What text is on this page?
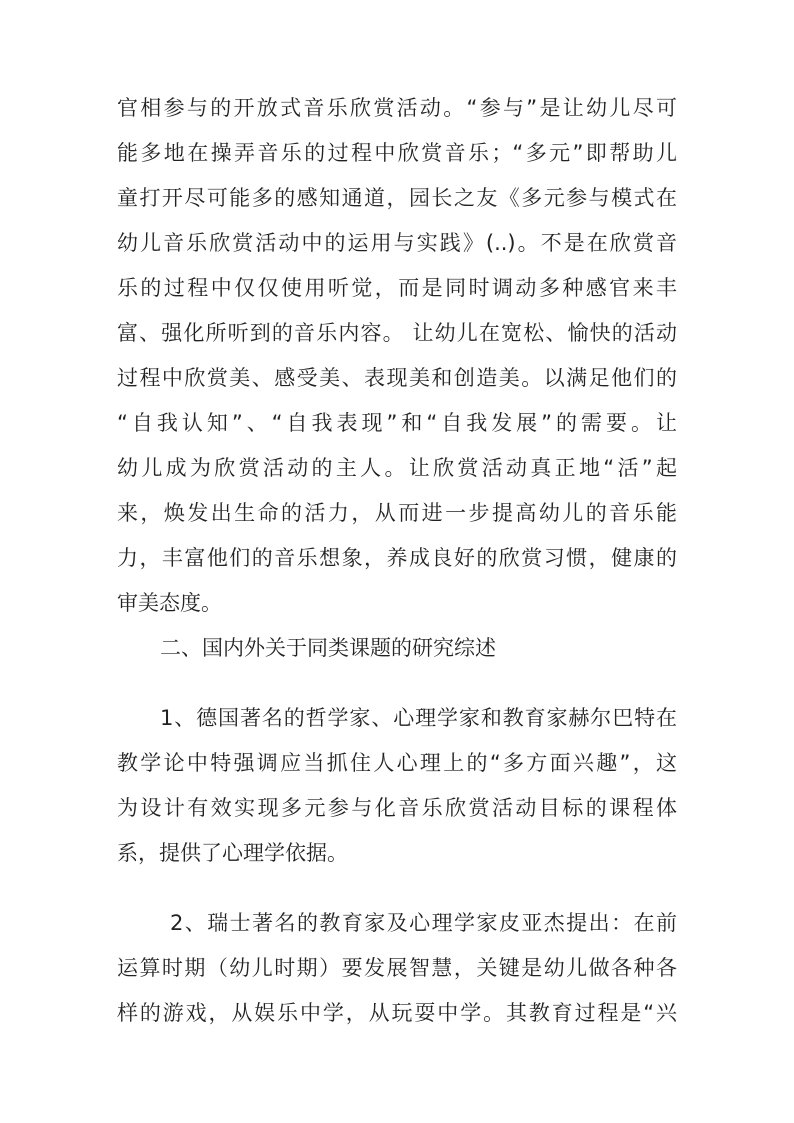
官相参与的开放式音乐欣赏活动。“参与”是让幼儿尽可

能多地在操弄音乐的过程中欣赏音乐；“多元”即帮助儿

童打开尽可能多的感知通道，园长之友《多元参与模式在

幼儿音乐欣赏活动中的运用与实践》(..)。不是在欣赏音

乐的过程中仅仅使用听觉，而是同时调动多种感官来丰

富、强化所听到的音乐内容。 让幼儿在宽松、愉快的活动

过程中欣赏美、感受美、表现美和创造美。以满足他们的

“自我认知”、“自我表现”和“自我发展”的需要。让

幼儿成为欣赏活动的主人。让欣赏活动真正地“活”起

来，焕发出生命的活力，从而进一步提高幼儿的音乐能

力，丰富他们的音乐想象，养成良好的欣赏习惯，健康的

审美态度。

二、国内外关于同类课题的研究综述

1、德国著名的哲学家、心理学家和教育家赫尔巴特在

教学论中特强调应当抓住人心理上的“多方面兴趣”，这

为设计有效实现多元参与化音乐欣赏活动目标的课程体

系，提供了心理学依据。

2、瑞士著名的教育家及心理学家皮亚杰提出：在前

运算时期（幼儿时期）要发展智慧，关键是幼儿做各种各

样的游戏，从娱乐中学，从玩耍中学。其教育过程是“兴
